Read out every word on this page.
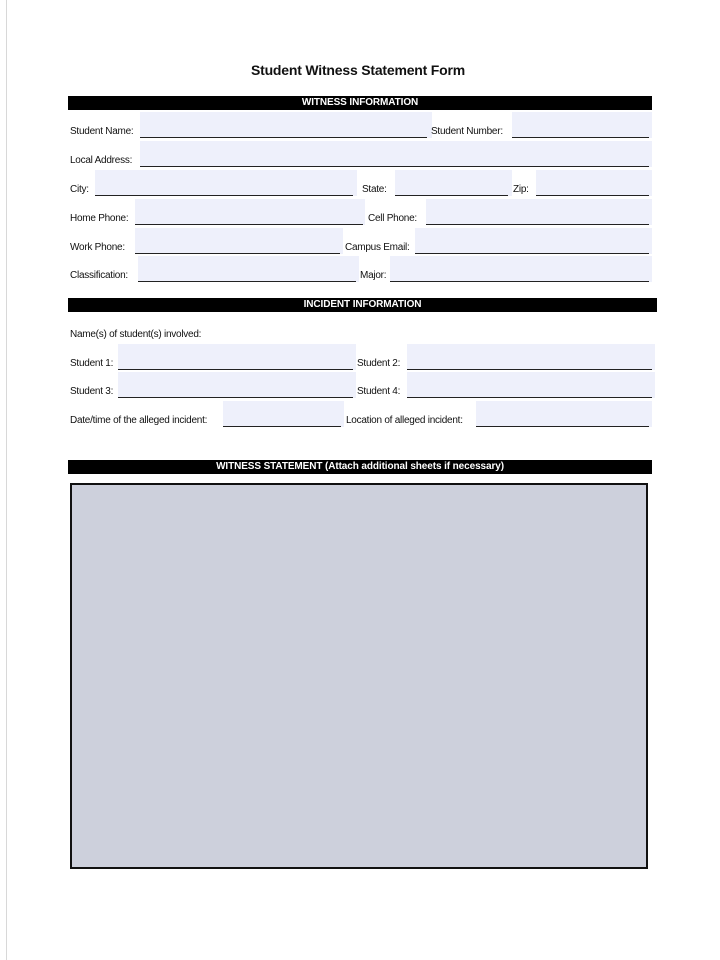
Student Witness Statement Form
WITNESS INFORMATION
Student Name:	Student Number:
Local Address:
City:	State:	Zip:
Home Phone:	Cell Phone:
Work Phone:	Campus Email:
Classification:	Major:
INCIDENT INFORMATION
Name(s) of student(s) involved:
Student 1:	Student 2:
Student 3:	Student 4:
Date/time of the alleged incident:	Location of alleged incident:
WITNESS STATEMENT (Attach additional sheets if necessary)
